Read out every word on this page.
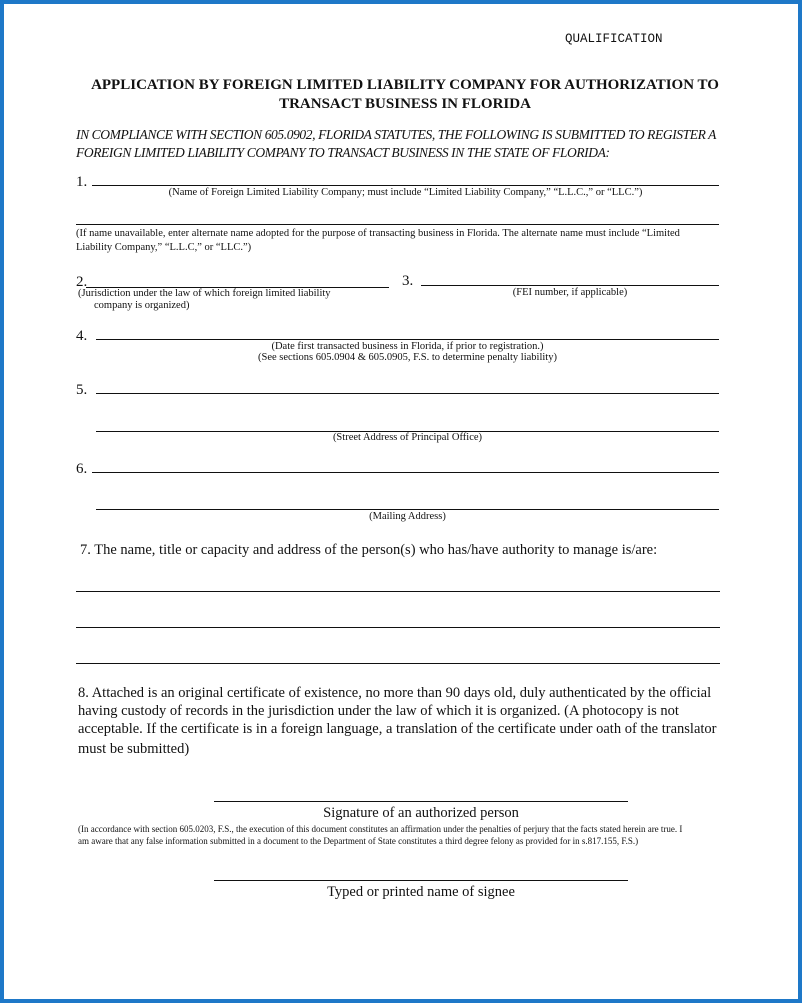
QUALIFICATION
APPLICATION BY FOREIGN LIMITED LIABILITY COMPANY FOR AUTHORIZATION TO
TRANSACT BUSINESS IN FLORIDA
IN COMPLIANCE WITH SECTION 605.0902, FLORIDA STATUTES, THE FOLLOWING IS SUBMITTED TO REGISTER A
FOREIGN LIMITED LIABILITY COMPANY TO TRANSACT BUSINESS IN THE STATE OF FLORIDA:
1.
(Name of Foreign Limited Liability Company; must include “Limited Liability Company,” “L.L.C.,” or “LLC.”)
(If name unavailable, enter alternate name adopted for the purpose of transacting business in Florida. The alternate name must include “Limited
Liability Company,” “L.L.C,” or “LLC.”)
2.
(Jurisdiction under the law of which foreign limited liability
company is organized)
3.
(FEI number, if applicable)
4.
(Date first transacted business in Florida, if prior to registration.)
(See sections 605.0904 & 605.0905, F.S. to determine penalty liability)
5.
(Street Address of Principal Office)
6.
(Mailing Address)
7. The name, title or capacity and address of the person(s) who has/have authority to manage is/are:
8. Attached is an original certificate of existence, no more than 90 days old, duly authenticated by the official
having custody of records in the jurisdiction under the law of which it is organized. (A photocopy is not
acceptable. If the certificate is in a foreign language, a translation of the certificate under oath of the translator
must be submitted)
Signature of an authorized person
(In accordance with section 605.0203, F.S., the execution of this document constitutes an affirmation under the penalties of perjury that the facts stated herein are true. I
am aware that any false information submitted in a document to the Department of State constitutes a third degree felony as provided for in s.817.155, F.S.)
Typed or printed name of signee
